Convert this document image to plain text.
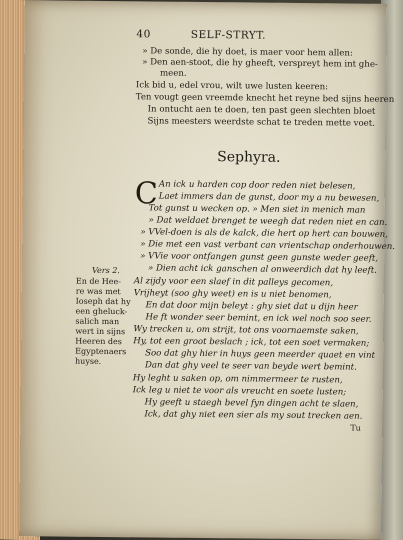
40	SELF-STRYT.
» De sonde, die hy doet, is maer voor hem allen:
» Den aen-stoot, die hy gheeft, verspreyt hem int ghe-
meen.
Ick bid u, edel vrou, wilt uwe lusten keeren:
Ten vougt geen vreemde knecht het reyne bed sijns heeren
In ontucht aen te doen, ten past geen slechten bloet
Sijns meesters weerdste schat te treden mette voet.
Sephyra.
C An ick u harden cop door reden niet belesen,
Laet immers dan de gunst, door my a nu bewesen,
Tot gunst u wecken op. » Men siet in menich man
» Dat weldaet brenget te weegh dat reden niet en can.
» VVel-doen is als de kalck, die hert op hert can bouwen,
» Die met een vast verbant can vrientschap onderhouwen.
» VVie voor ontfangen gunst geen gunste weder geeft,
» Dien acht ick ganschen al onweerdich dat hy leeft.
Al zijdy voor een slaef in dit palleys gecomen,
Vrijheyt (soo ghy weet) en is u niet benomen,
En dat door mijn beleyt : ghy siet dat u dijn heer
He ft wonder seer bemint, en ick wel noch soo seer.
Wy trecken u, om strijt, tot ons voornaemste saken,
Hy, tot een groot beslach ; ick, tot een soet vermaken;
Soo dat ghy hier in huys geen meerder quaet en vint
Dan dat ghy veel te seer van beyde wert bemint.
Hy leght u saken op, om nimmermeer te rusten,
Ick leg u niet te voor als vreucht en soete lusten;
Hy geeft u staegh bevel fyn dingen acht te slaen,
Ick, dat ghy niet een sier als my sout trecken aen.
Vers 2.
En de Hee-
re was met
Ioseph dat hy
een gheluck-
salich man
wert in sijns
Heeren des
Egyptenaers
huyse.
Tu
